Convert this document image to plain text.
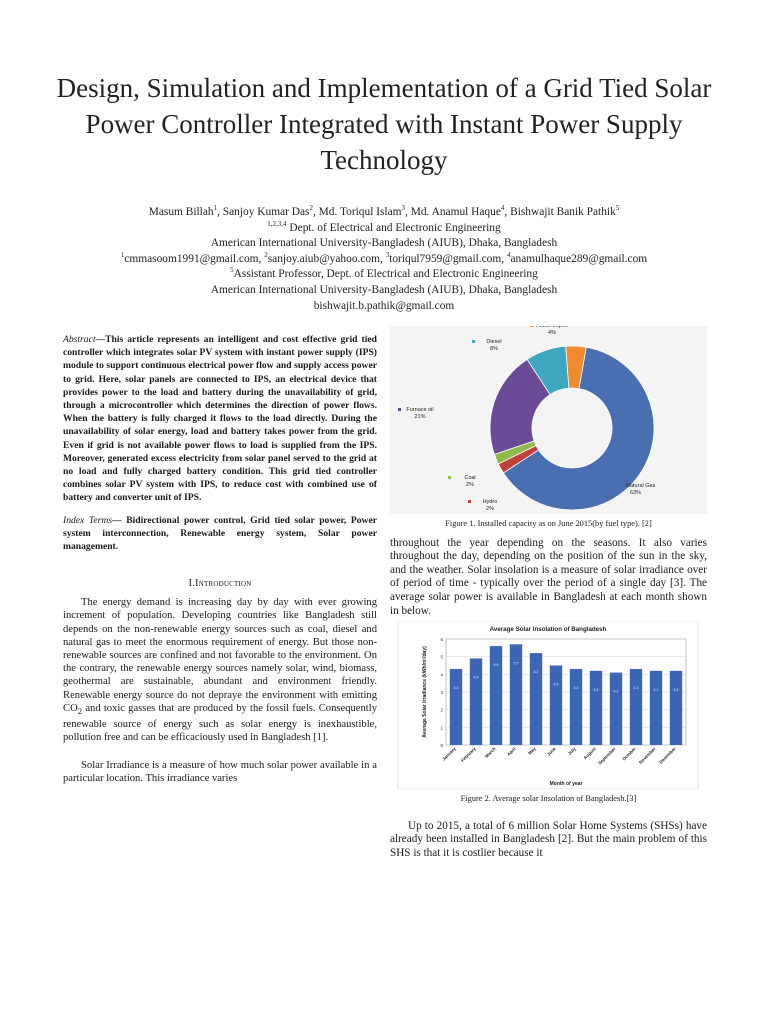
Design, Simulation and Implementation of a Grid Tied Solar Power Controller Integrated with Instant Power Supply Technology
Masum Billah$^1$, Sanjoy Kumar Das$^2$, Md. Toriqul Islam$^3$, Md. Anamul Haque$^4$, Bishwajit Banik Pathik$^5$
$^{1,2,3,4}$ Dept. of Electrical and Electronic Engineering
American International University-Bangladesh (AIUB), Dhaka, Bangladesh
$^1$cmmasoom1991@gmail.com, $^2$sanjoy.aiub@yahoo.com, $^3$toriqul7959@gmail.com, $^4$anamulhaque289@gmail.com
$^5$Assistant Professor, Dept. of Electrical and Electronic Engineering
American International University-Bangladesh (AIUB), Dhaka, Bangladesh
bishwajit.b.pathik@gmail.com
Abstract—This article represents an intelligent and cost effective grid tied controller which integrates solar PV system with instant power supply (IPS) module to support continuous electrical power flow and supply access power to grid. Here, solar panels are connected to IPS, an electrical device that provides power to the load and battery during the unavailability of grid, through a microcontroller which determines the direction of power flows. When the battery is fully charged it flows to the load directly. During the unavailability of solar energy, load and battery takes power from the grid. Even if grid is not available power flows to load is supplied from the IPS. Moreover, generated excess electricity from solar panel served to the grid at no load and fully charged battery condition. This grid tied controller combines solar PV system with IPS, to reduce cost with combined use of battery and converter unit of IPS.
Index Terms— Bidirectional power control, Grid tied solar power, Power system interconnection, Renewable energy system, Solar power management.
I.Introduction
The energy demand is increasing day by day with ever growing increment of population. Developing countries like Bangladesh still depends on the non-renewable energy sources such as coal, diesel and natural gas to meet the enormous requirement of energy. But those non-renewable sources are confined and not favorable to the environment. On the contrary, the renewable energy sources namely solar, wind, biomass, geothermal are sustainable, abundant and environment friendly. Renewable energy source do not depraye the environment with emitting $CO_2$ and toxic gasses that are produced by the fossil fuels. Consequently renewable source of energy such as solar energy is inexhaustible, pollution free and can be efficaciously used in Bangladesh [1].
Solar Irradiance is a measure of how much solar power available in a particular location. This irradiance varies
Natural Gas
63%
Hydro
2%
Coal
2%
Furnace oil
21%
Diesel
8%
Power Import
4%
Figure 1. Installed capacity as on June 2015(by fuel type). [2]
throughout the year depending on the seasons. It also varies throughout the day, depending on the position of the sun in the sky, and the weather. Solar insolation is a measure of solar irradiance over of period of time - typically over the period of a single day [3]. The average solar power is available in Bangladesh at each month shown in below.
Average Solar Insolation of Bangladesh
0
1
2
3
4
5
6
4.3
January
4.9
February
5.6
March
5.7
April
5.2
May
4.5
June
4.3
July
4.2
August
4.1
September
4.3
October
4.2
November
4.2
December
Month of year
Average Solar Irradiance (kWh/m²/day)
Figure 2. Average solar Insolation of Bangladesh.[3]
Up to 2015, a total of 6 million Solar Home Systems (SHSs) have already been installed in Bangladesh [2]. But the main problem of this SHS is that it is costlier because it
